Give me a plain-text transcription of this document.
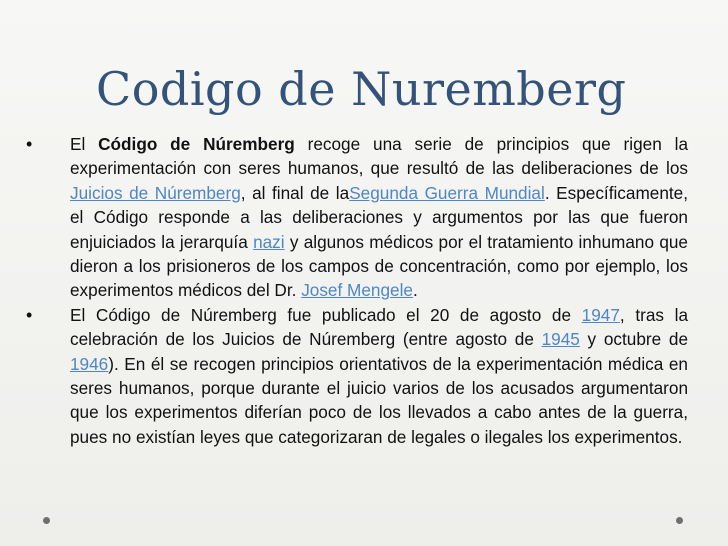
Codigo de Nuremberg
•	El Código de Núremberg recoge una serie de principios que rigen la experimentación con seres humanos, que resultó de las deliberaciones de los Juicios de Núremberg, al final de laSegunda Guerra Mundial. Específicamente, el Código responde a las deliberaciones y argumentos por las que fueron enjuiciados la jerarquía nazi y algunos médicos por el tratamiento inhumano que dieron a los prisioneros de los campos de concentración, como por ejemplo, los experimentos médicos del Dr. Josef Mengele.
•	El Código de Núremberg fue publicado el 20 de agosto de 1947, tras la celebración de los Juicios de Núremberg (entre agosto de 1945 y octubre de 1946). En él se recogen principios orientativos de la experimentación médica en seres humanos, porque durante el juicio varios de los acusados argumentaron que los experimentos diferían poco de los llevados a cabo antes de la guerra, pues no existían leyes que categorizaran de legales o ilegales los experimentos.
